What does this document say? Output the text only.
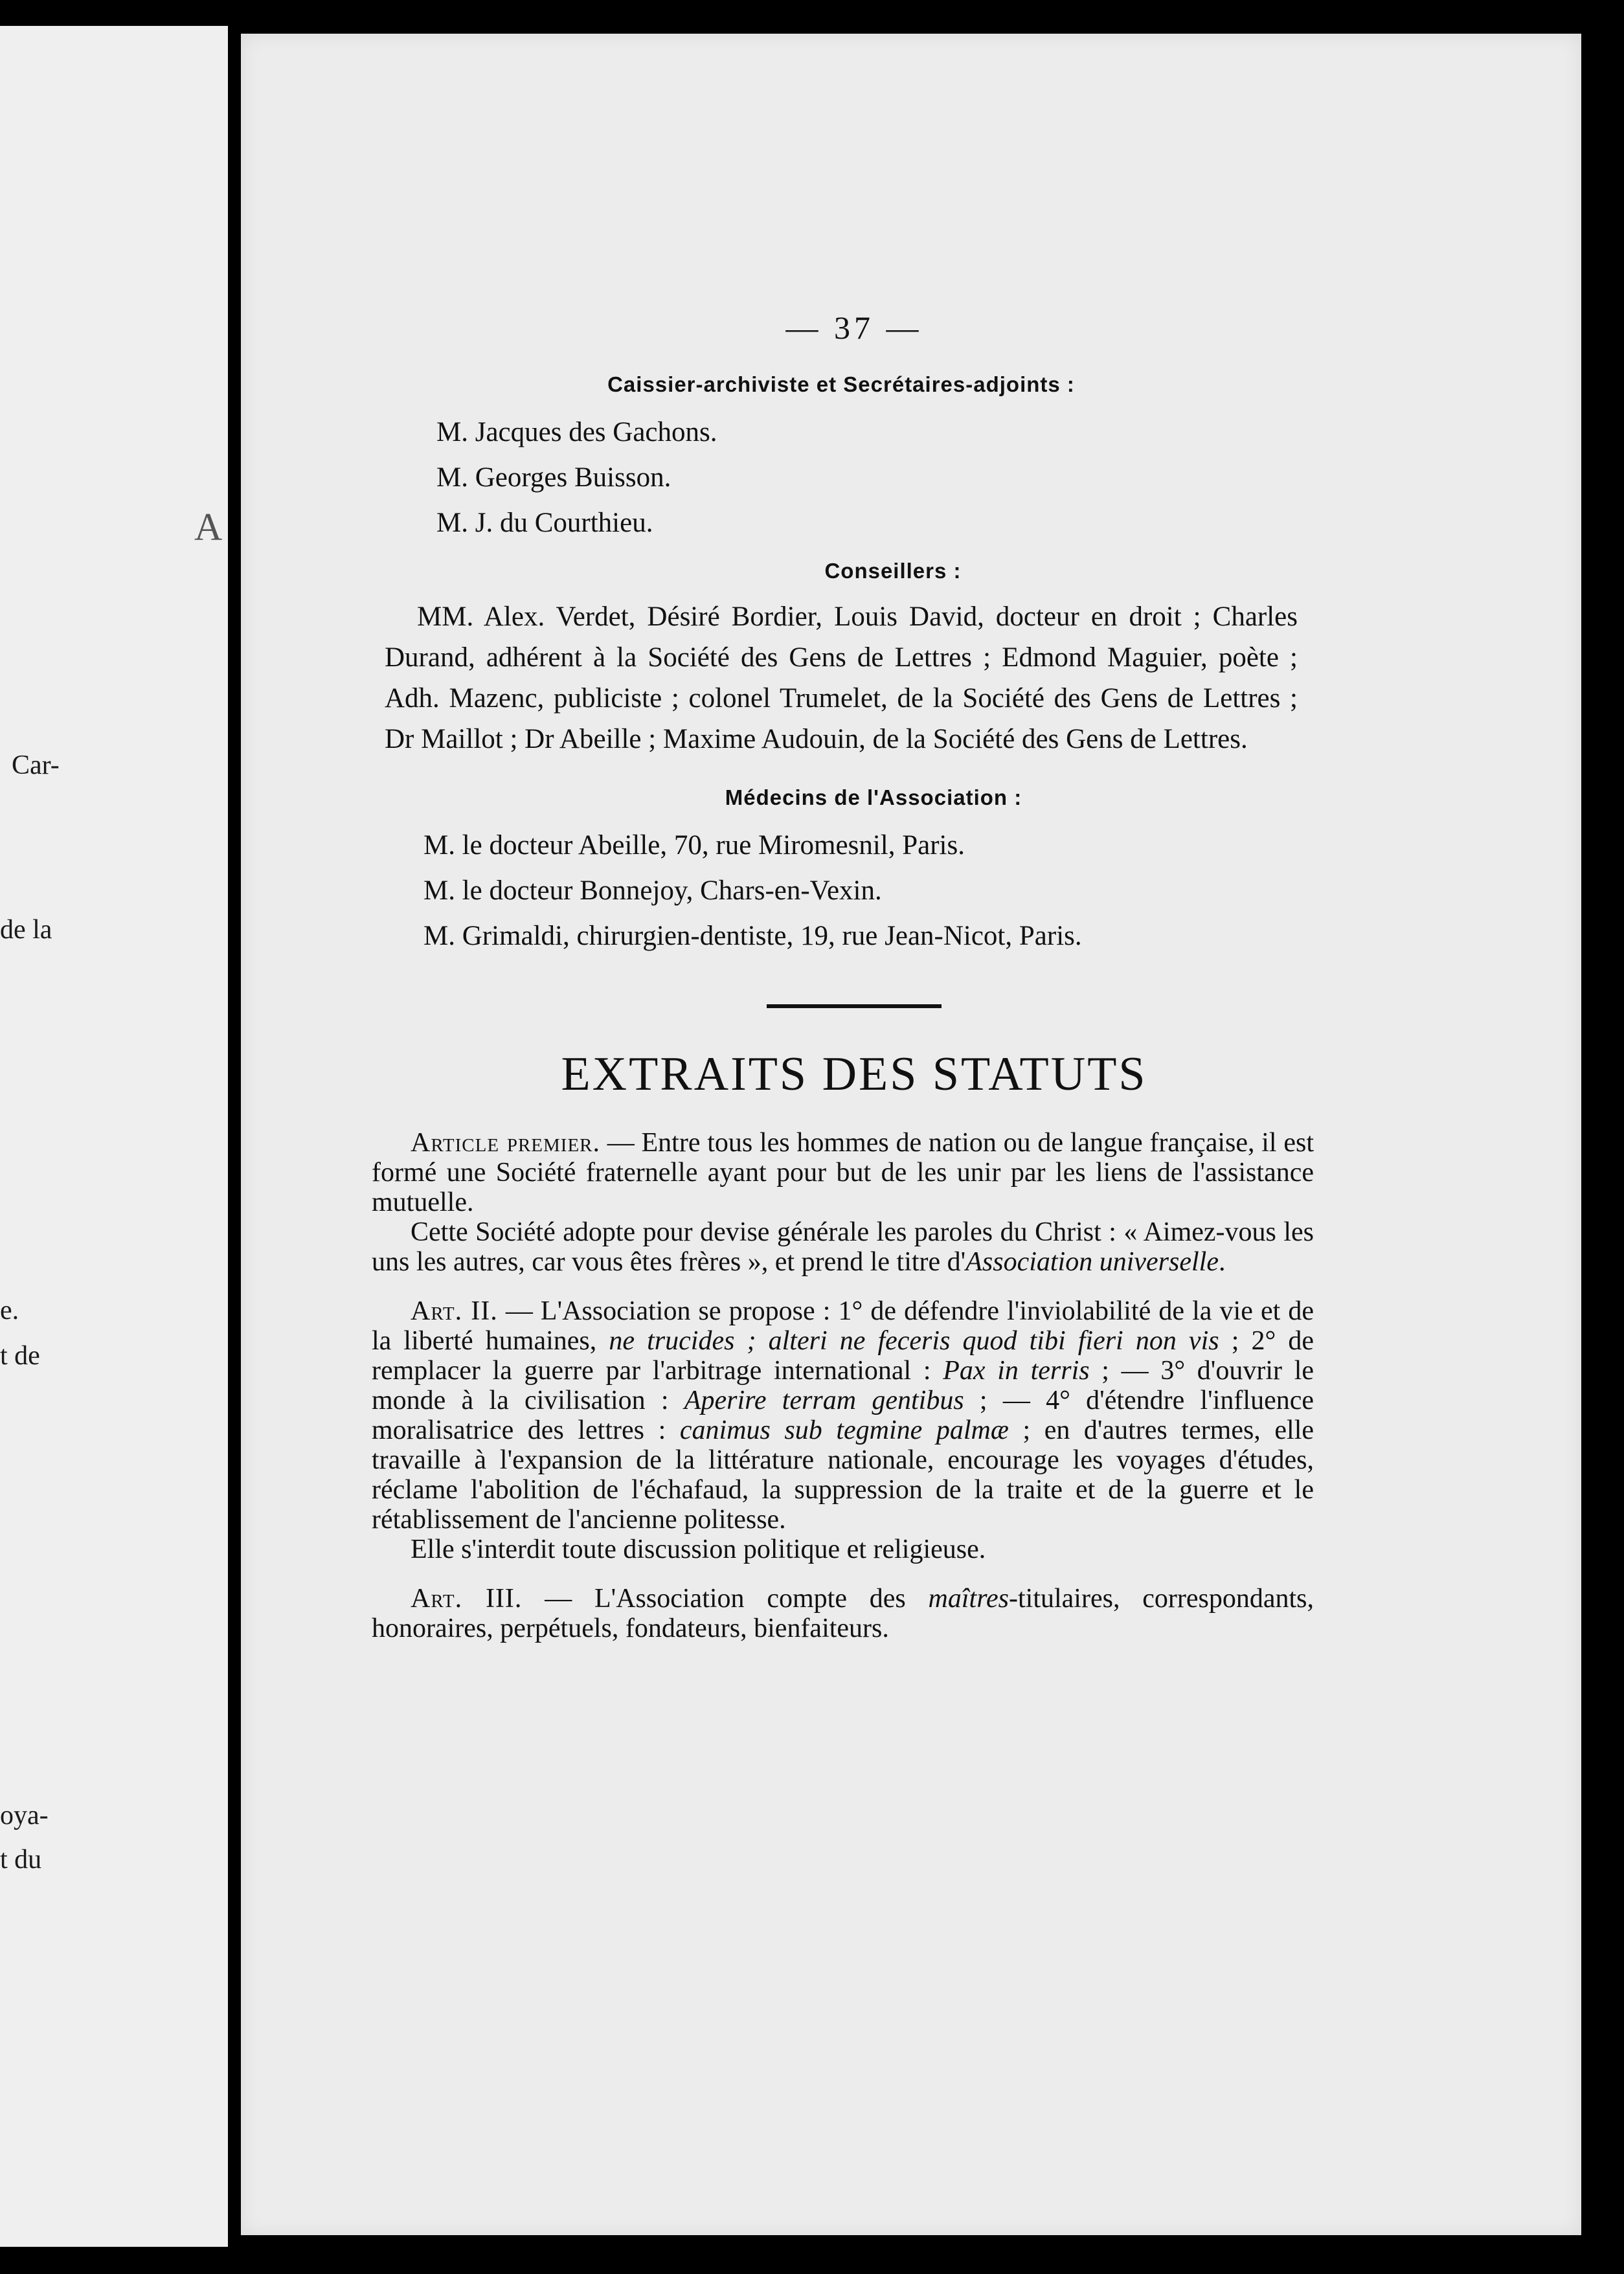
A
Car-
de la
e.
t de
oya-
t du
— 37 —
Caissier-archiviste et Secrétaires-adjoints :
M. Jacques des Gachons.
M. Georges Buisson.
M. J. du Courthieu.
Conseillers :
MM. Alex. Verdet, Désiré Bordier, Louis David, docteur en droit ; Charles Durand, adhérent à la Société des Gens de Lettres ; Edmond Maguier, poète ; Adh. Mazenc, publiciste ; colonel Trumelet, de la Société des Gens de Lettres ; Dr Maillot ; Dr Abeille ; Maxime Audouin, de la Société des Gens de Lettres.
Médecins de l'Association :
M. le docteur Abeille, 70, rue Miromesnil, Paris.
M. le docteur Bonnejoy, Chars-en-Vexin.
M. Grimaldi, chirurgien-dentiste, 19, rue Jean-Nicot, Paris.
EXTRAITS DES STATUTS

Article premier. — Entre tous les hommes de nation ou de langue française, il est formé une Société fraternelle ayant pour but de les unir par les liens de l'assistance mutuelle.

Cette Société adopte pour devise générale les paroles du Christ : « Aimez-vous les uns les autres, car vous êtes frères », et prend le titre d'Association universelle.

Art. II. — L'Association se propose : 1° de défendre l'inviolabilité de la vie et de la liberté humaines, ne trucides ; alteri ne feceris quod tibi fieri non vis ; 2° de remplacer la guerre par l'arbitrage international : Pax in terris ; — 3° d'ouvrir le monde à la civilisation : Aperire terram gentibus ; — 4° d'étendre l'influence moralisatrice des lettres : canimus sub tegmine palmæ ; en d'autres termes, elle travaille à l'expansion de la littérature nationale, encourage les voyages d'études, réclame l'abolition de l'échafaud, la suppression de la traite et de la guerre et le rétablissement de l'ancienne politesse.

Elle s'interdit toute discussion politique et religieuse.

Art. III. — L'Association compte des maîtres-titulaires, correspondants, honoraires, perpétuels, fondateurs, bienfaiteurs.
